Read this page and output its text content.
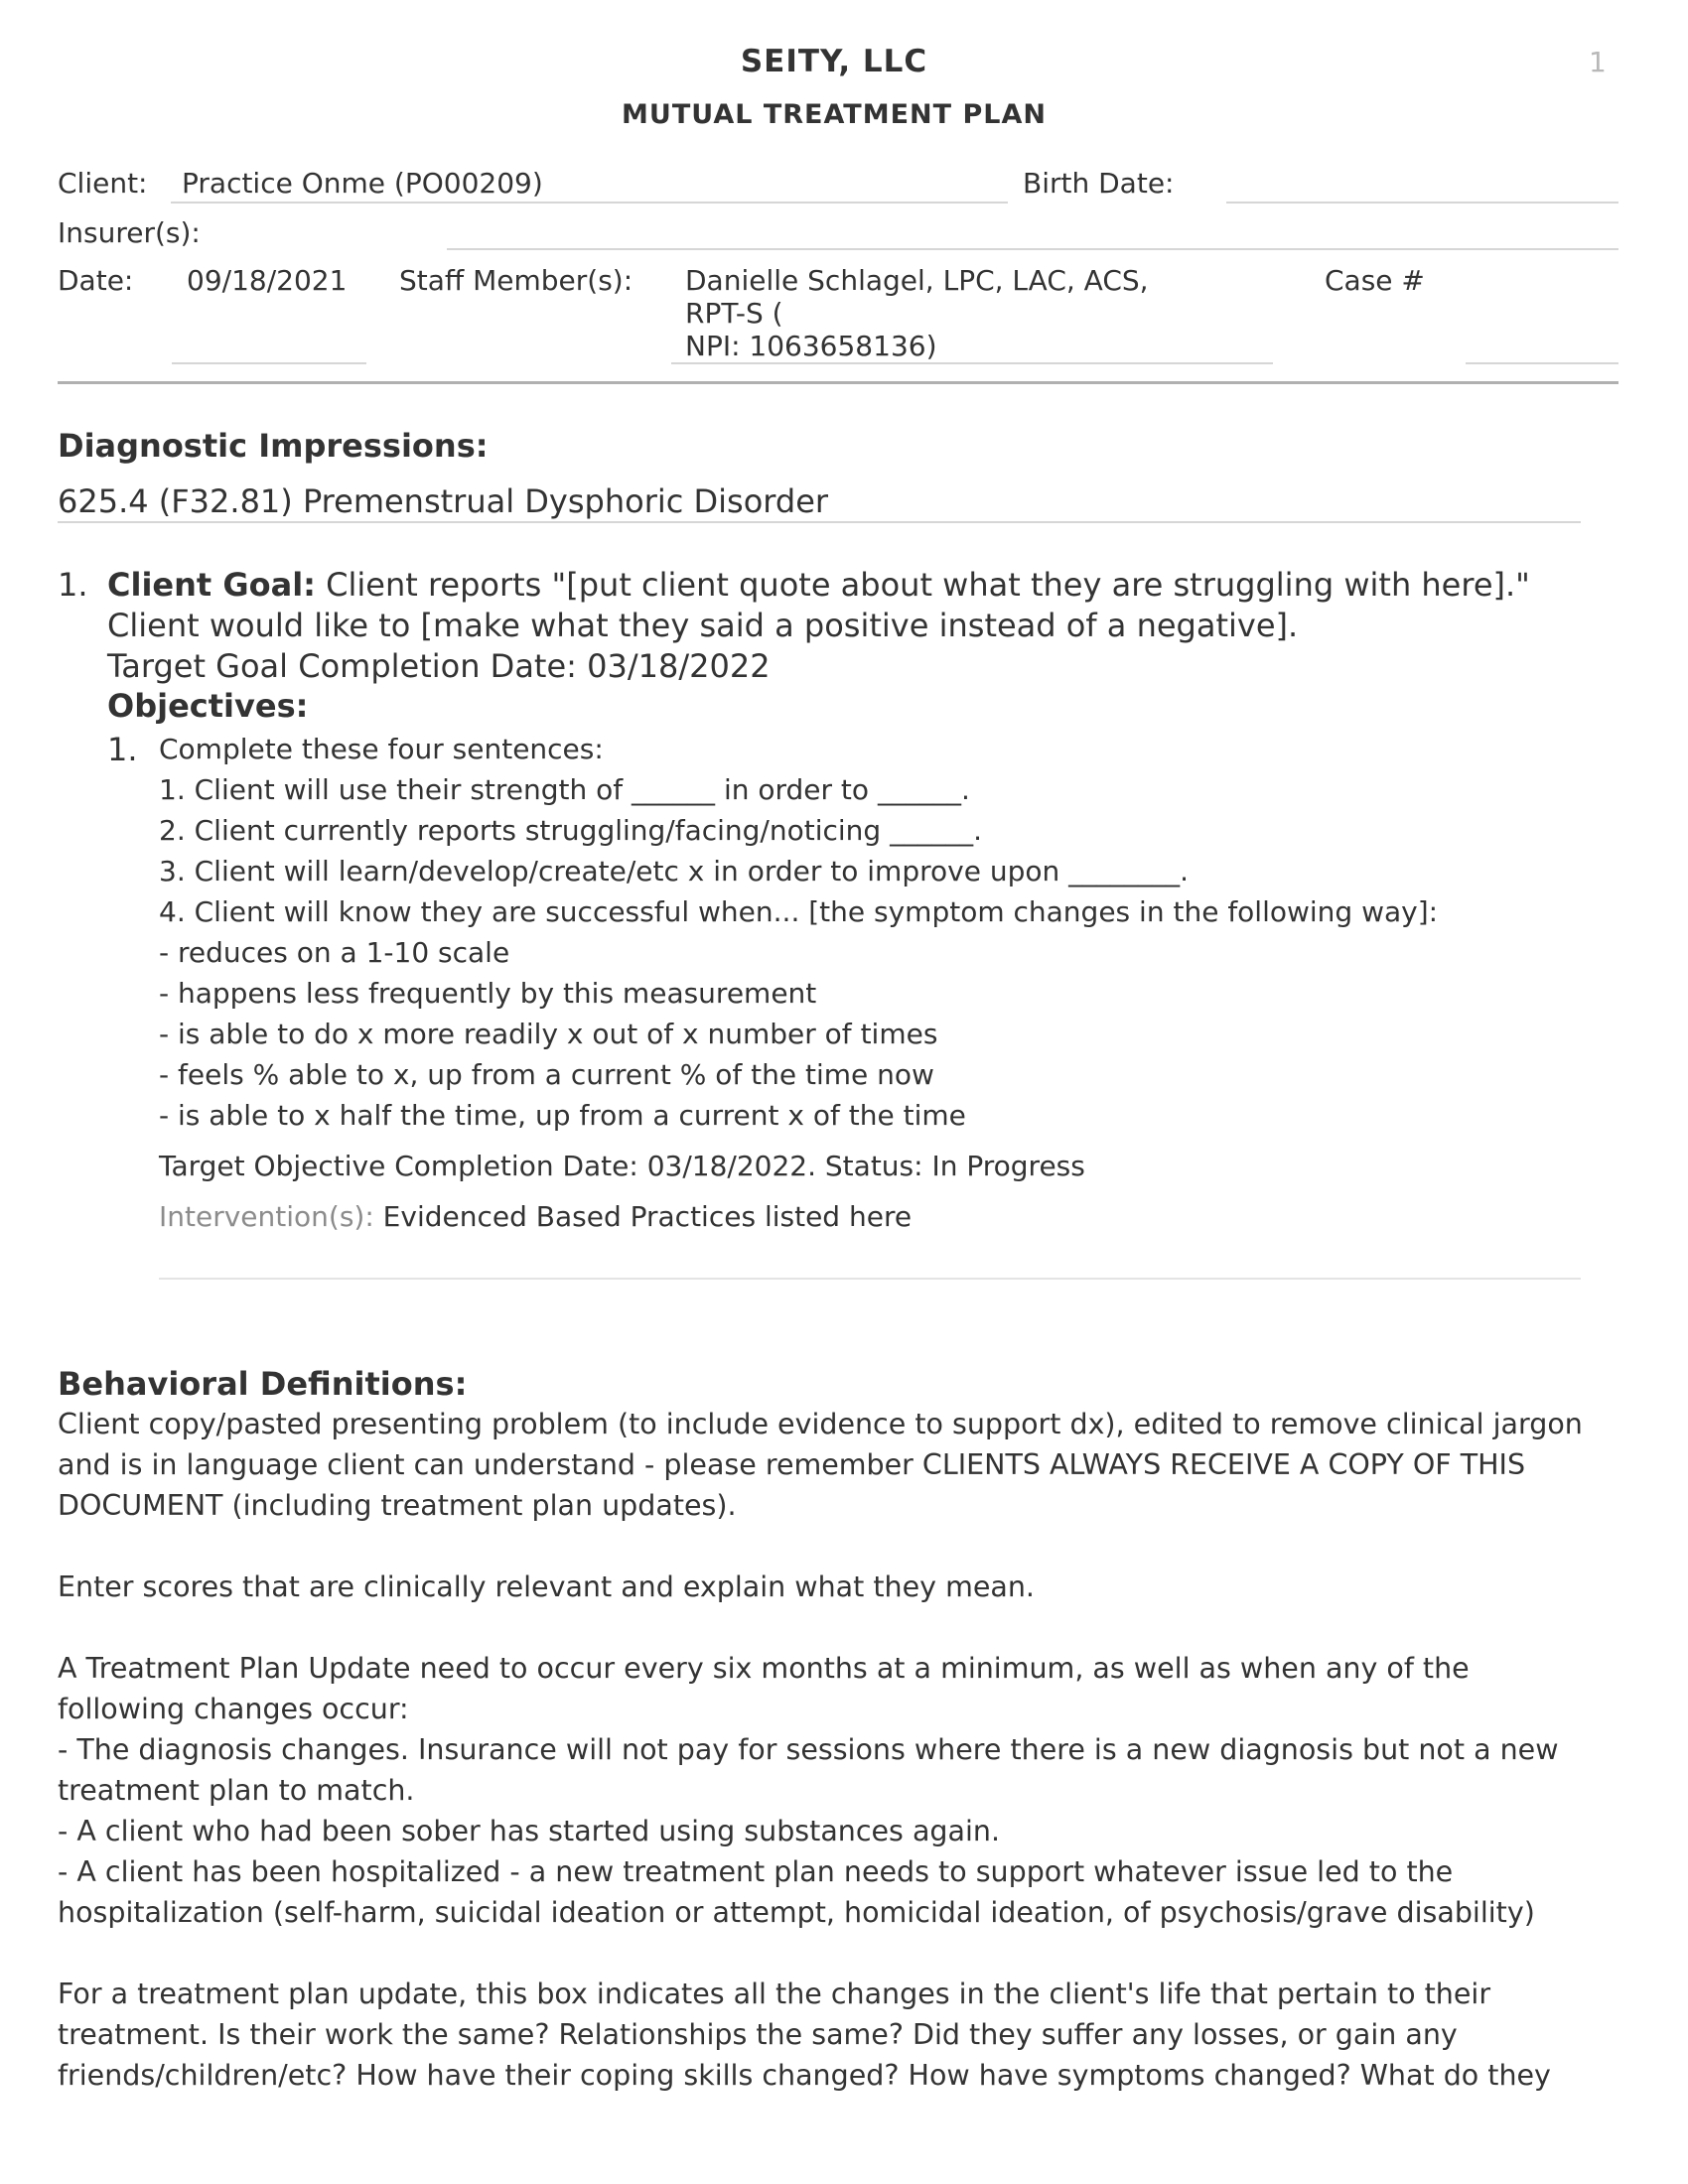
1
SEITY, LLC
MUTUAL TREATMENT PLAN
Client: Practice Onme (PO00209)	Birth Date:
Insurer(s):
Date: 09/18/2021 Staff Member(s): Danielle Schlagel, LPC, LAC, ACS,
RPT-S (
NPI: 1063658136)
Case #
Diagnostic Impressions:
625.4 (F32.81) Premenstrual Dysphoric Disorder
1. Client Goal: Client reports "[put client quote about what they are struggling with here]."
Client would like to [make what they said a positive instead of a negative].
Target Goal Completion Date: 03/18/2022
Objectives:
1. Complete these four sentences:
1. Client will use their strength of ______ in order to ______.
2. Client currently reports struggling/facing/noticing ______.
3. Client will learn/develop/create/etc x in order to improve upon ________.
4. Client will know they are successful when... [the symptom changes in the following way]:
- reduces on a 1-10 scale
- happens less frequently by this measurement
- is able to do x more readily x out of x number of times
- feels % able to x, up from a current % of the time now
- is able to x half the time, up from a current x of the time
Target Objective Completion Date: 03/18/2022. Status: In Progress
Intervention(s): Evidenced Based Practices listed here
Behavioral Definitions:
Client copy/pasted presenting problem (to include evidence to support dx), edited to remove clinical jargon
and is in language client can understand - please remember CLIENTS ALWAYS RECEIVE A COPY OF THIS
DOCUMENT (including treatment plan updates).
Enter scores that are clinically relevant and explain what they mean.
A Treatment Plan Update need to occur every six months at a minimum, as well as when any of the
following changes occur:
- The diagnosis changes. Insurance will not pay for sessions where there is a new diagnosis but not a new
treatment plan to match.
- A client who had been sober has started using substances again.
- A client has been hospitalized - a new treatment plan needs to support whatever issue led to the
hospitalization (self-harm, suicidal ideation or attempt, homicidal ideation, of psychosis/grave disability)
For a treatment plan update, this box indicates all the changes in the client's life that pertain to their
treatment. Is their work the same? Relationships the same? Did they suffer any losses, or gain any
friends/children/etc? How have their coping skills changed? How have symptoms changed? What do they
